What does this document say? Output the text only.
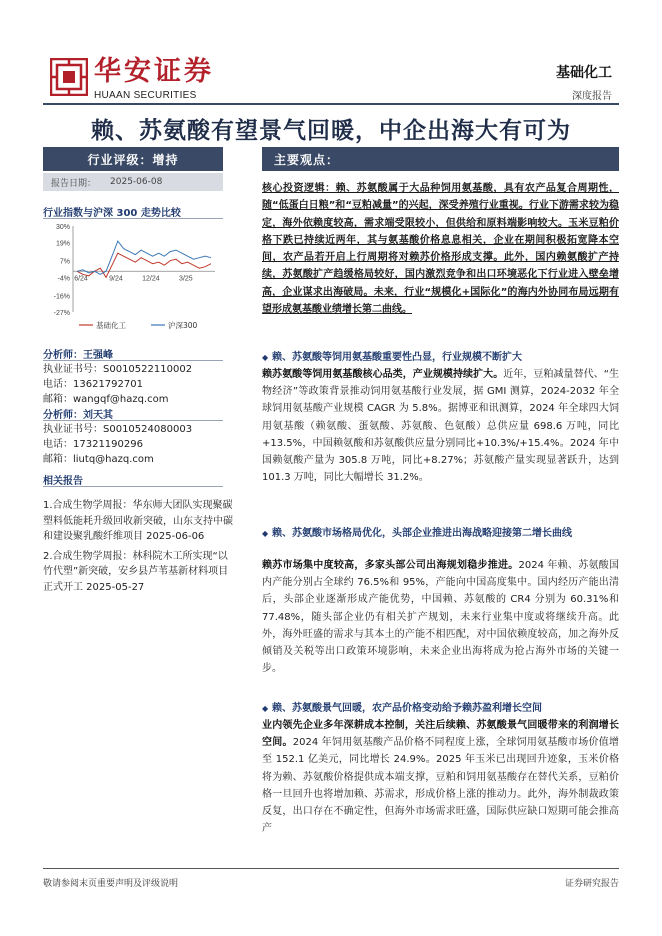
华安证券
HUAAN SECURITIES
基础化工
深度报告
赖、苏氨酸有望景气回暖，中企出海大有可为
行业评级：增持
报告日期： 2025-06-08
行业指数与沪深 300 走势比较
30%
19%
7%
-4%
-16%
-27%
6/24	9/24	12/24	3/25
基础化工	沪深300
分析师：王强峰
执业证书号：S0010522110002
电话：13621792701
邮箱：wangqf@hazq.com
分析师：刘天其
执业证书号：S0010524080003
电话：17321190296
邮箱：liutq@hazq.com
相关报告
1.合成生物学周报：华东师大团队实现聚碳塑料低能耗升级回收新突破，山东支持中碳和建设聚乳酸纤维项目 2025-06-06
2.合成生物学周报：林科院木工所实现“以竹代塑”新突破，安乡县芦苇基新材料项目正式开工 2025-05-27
主要观点：
核心投资逻辑：赖、苏氨酸属于大品种饲用氨基酸，具有农产品复合周期性，随“低蛋白日粮”和“豆粕减量”的兴起，深受养殖行业重视。行业下游需求较为稳定，海外依赖度较高，需求端受限较小，但供给和原料端影响较大。玉米豆粕价格下跌已持续近两年，其与氨基酸价格息息相关，企业在期间积极拓宽降本空间，农产品若开启上行周期将对赖苏价格形成支撑。此外，国内赖氨酸扩产持续，苏氨酸扩产趋缓格局较好，国内激烈竞争和出口环境恶化下行业进入壁垒增高，企业谋求出海破局。未来，行业“规模化+国际化”的海内外协同布局远期有望形成氨基酸业绩增长第二曲线。
◆ 赖、苏氨酸等饲用氨基酸重要性凸显，行业规模不断扩大
赖苏氨酸等饲用氨基酸核心品类，产业规模持续扩大。近年，豆粕减量替代、“生物经济”等政策背景推动饲用氨基酸行业发展，据 GMI 测算，2024-2032 年全球饲用氨基酸产业规模 CAGR 为 5.8%。据博亚和讯测算，2024 年全球四大饲用氨基酸（赖氨酸、蛋氨酸、苏氨酸、色氨酸）总供应量 698.6 万吨，同比+13.5%，中国赖氨酸和苏氨酸供应量分别同比+10.3%/+15.4%。2024 年中国赖氨酸产量为 305.8 万吨，同比+8.27%；苏氨酸产量实现显著跃升，达到 101.3 万吨，同比大幅增长 31.2%。
◆ 赖、苏氨酸市场格局优化，头部企业推进出海战略迎接第二增长曲线
赖苏市场集中度较高，多家头部公司出海规划稳步推进。2024 年赖、苏氨酸国内产能分别占全球约 76.5%和 95%，产能向中国高度集中。国内经历产能出清后，头部企业逐渐形成产能优势，中国赖、苏氨酸的 CR4 分别为 60.31%和 77.48%，随头部企业仍有相关扩产规划，未来行业集中度或将继续升高。此外，海外旺盛的需求与其本土的产能不相匹配，对中国依赖度较高，加之海外反倾销及关税等出口政策环境影响，未来企业出海将成为抢占海外市场的关键一步。
◆ 赖、苏氨酸景气回暖，农产品价格变动给予赖苏盈利增长空间
业内领先企业多年深耕成本控制，关注后续赖、苏氨酸景气回暖带来的利润增长空间。2024 年饲用氨基酸产品价格不同程度上涨，全球饲用氨基酸市场价值增至 152.1 亿美元，同比增长 24.9%。2025 年玉米已出现回升迹象，玉米价格将为赖、苏氨酸价格提供成本端支撑，豆粕和饲用氨基酸存在替代关系，豆粕价格一旦回升也将增加赖、苏需求，形成价格上涨的推动力。此外，海外制裁政策反复，出口存在不确定性，但海外市场需求旺盛，国际供应缺口短期可能会推高产
敬请参阅末页重要声明及评级说明	证券研究报告
